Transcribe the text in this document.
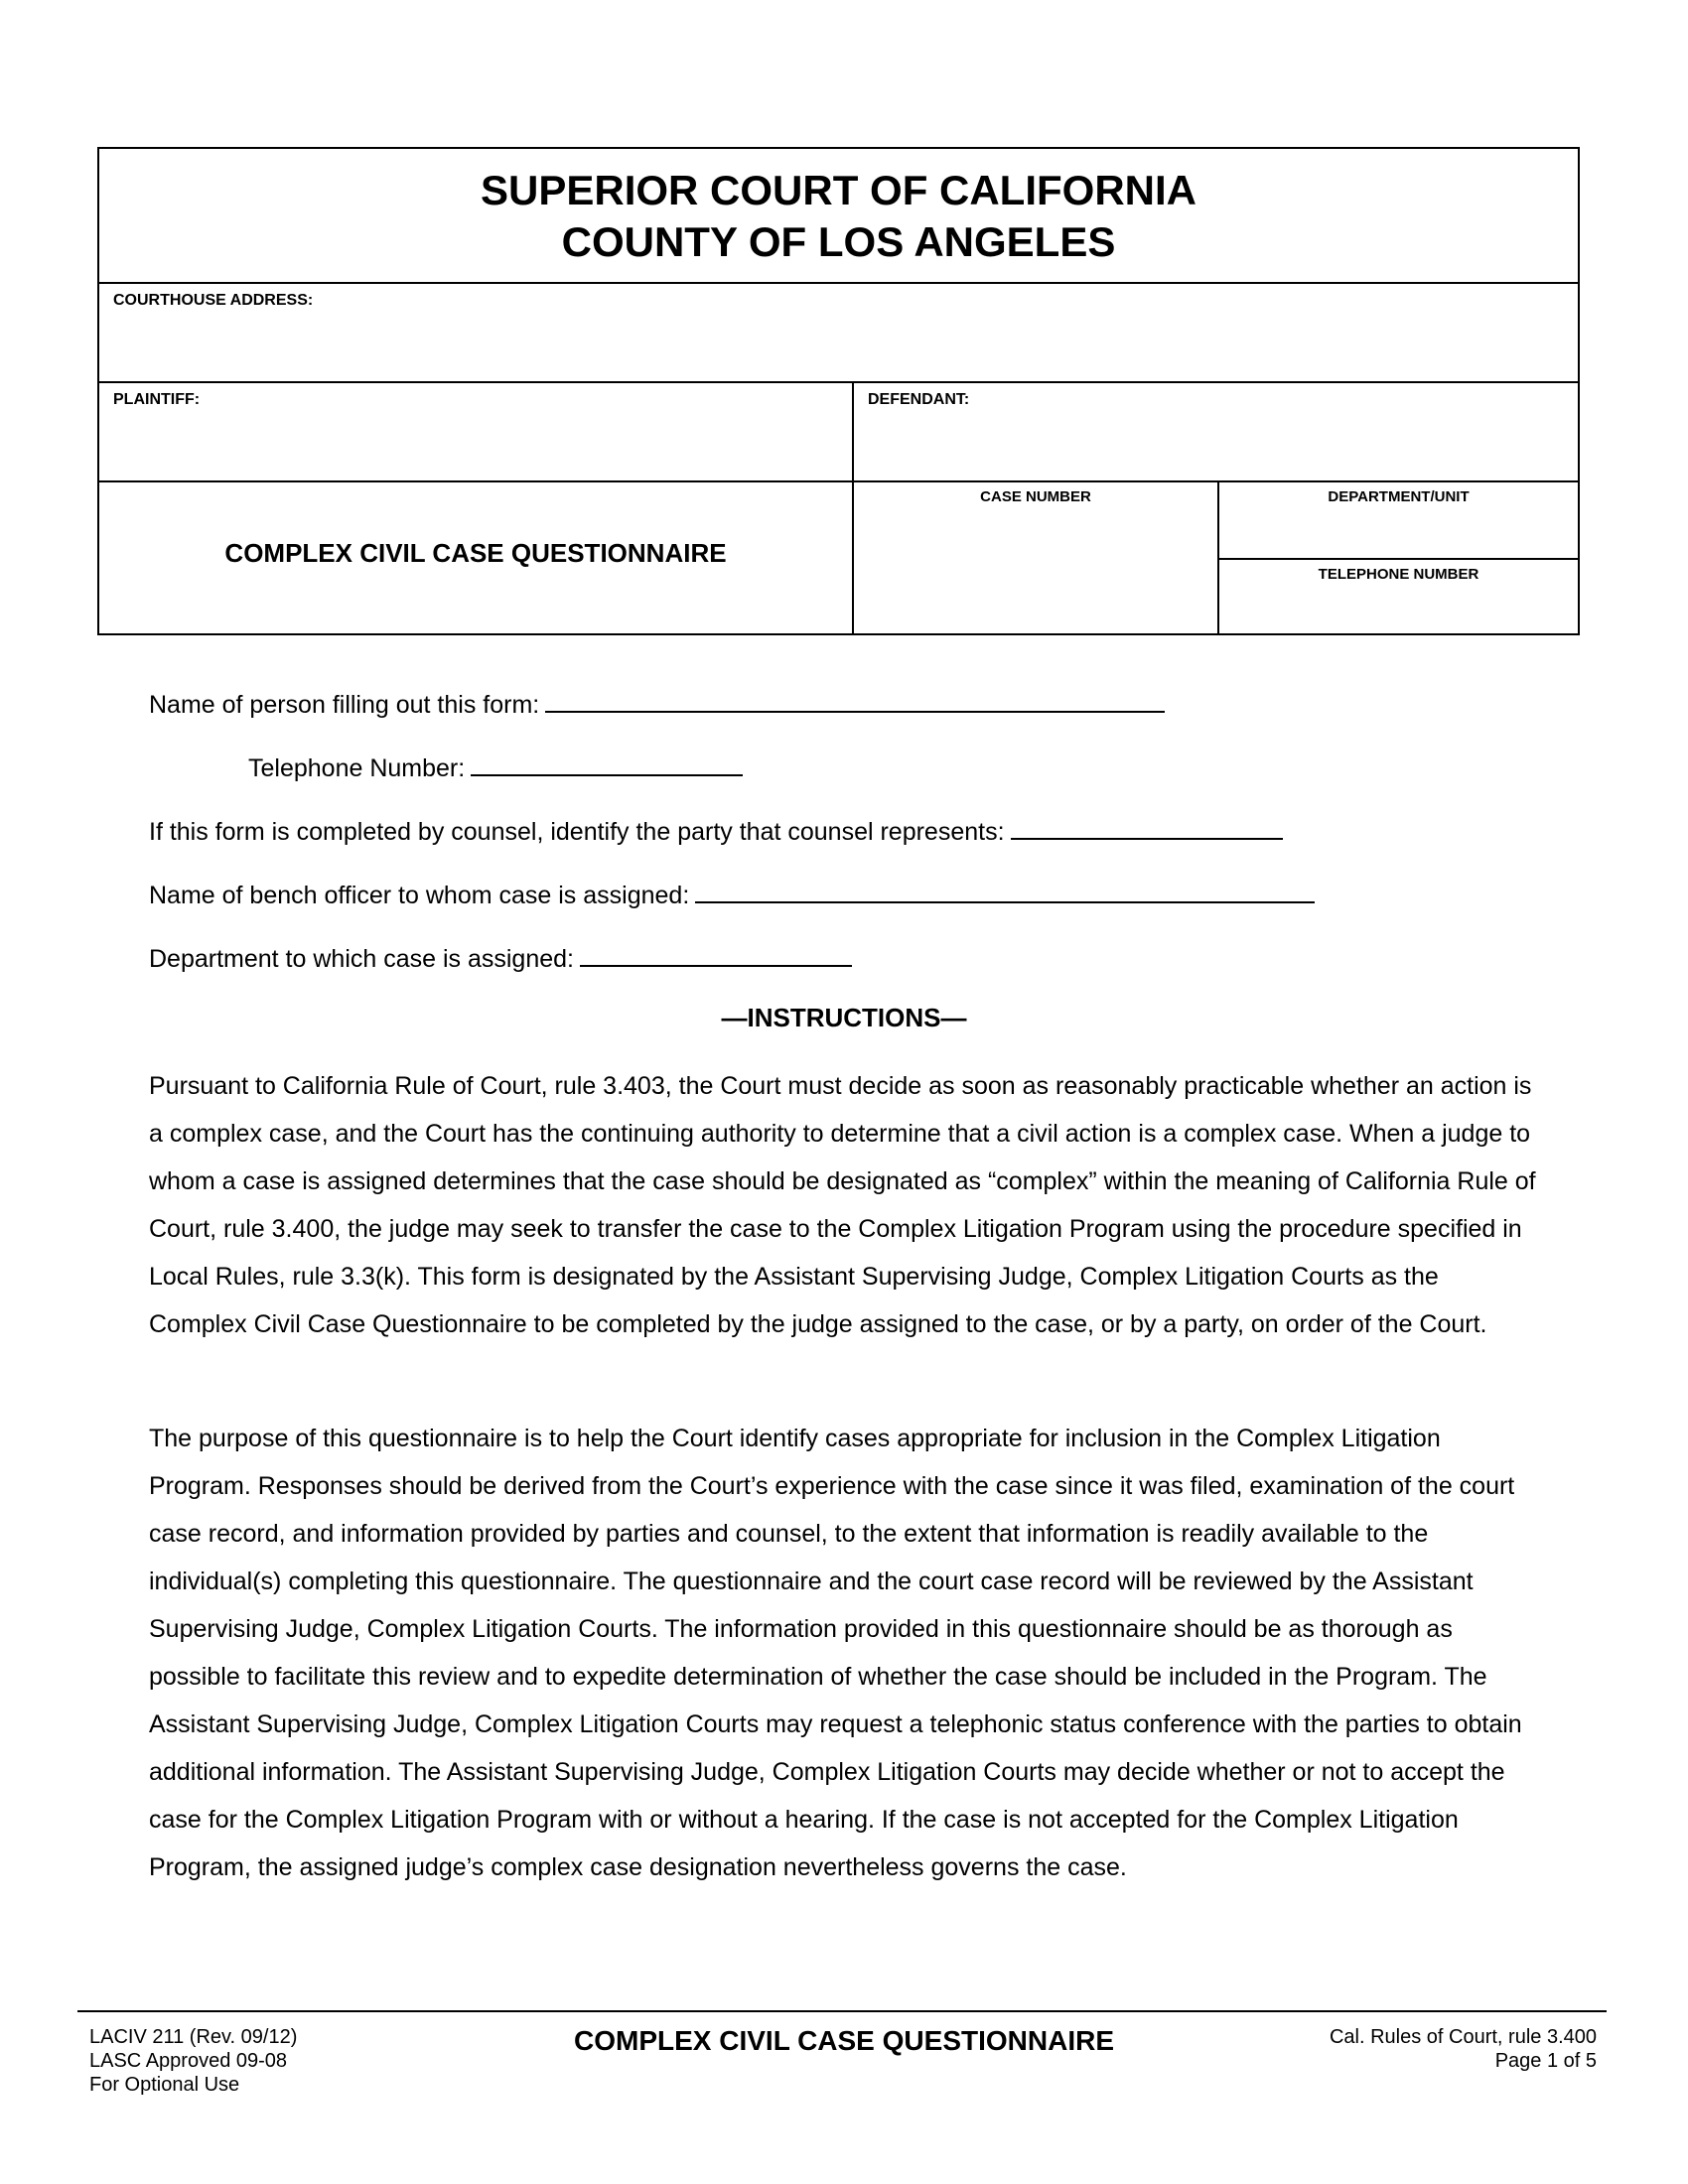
SUPERIOR COURT OF CALIFORNIA
COUNTY OF LOS ANGELES
COURTHOUSE ADDRESS:
PLAINTIFF:	DEFENDANT:
COMPLEX CIVIL CASE QUESTIONNAIRE
CASE NUMBER	DEPARTMENT/UNIT
TELEPHONE NUMBER
Name of person filling out this form:
Telephone Number:
If this form is completed by counsel, identify the party that counsel represents:
Name of bench officer to whom case is assigned:
Department to which case is assigned:
—INSTRUCTIONS—
Pursuant to California Rule of Court, rule 3.403, the Court must decide as soon as reasonably practicable whether an action is a complex case, and the Court has the continuing authority to determine that a civil action is a complex case. When a judge to whom a case is assigned determines that the case should be designated as “complex” within the meaning of California Rule of Court, rule 3.400, the judge may seek to transfer the case to the Complex Litigation Program using the procedure specified in Local Rules, rule 3.3(k). This form is designated by the Assistant Supervising Judge, Complex Litigation Courts as the Complex Civil Case Questionnaire to be completed by the judge assigned to the case, or by a party, on order of the Court.
The purpose of this questionnaire is to help the Court identify cases appropriate for inclusion in the Complex Litigation Program. Responses should be derived from the Court’s experience with the case since it was filed, examination of the court case record, and information provided by parties and counsel, to the extent that information is readily available to the individual(s) completing this questionnaire. The questionnaire and the court case record will be reviewed by the Assistant Supervising Judge, Complex Litigation Courts. The information provided in this questionnaire should be as thorough as possible to facilitate this review and to expedite determination of whether the case should be included in the Program. The Assistant Supervising Judge, Complex Litigation Courts may request a telephonic status conference with the parties to obtain additional information. The Assistant Supervising Judge, Complex Litigation Courts may decide whether or not to accept the case for the Complex Litigation Program with or without a hearing. If the case is not accepted for the Complex Litigation Program, the assigned judge’s complex case designation nevertheless governs the case.
LACIV 211 (Rev. 09/12)
LASC Approved 09-08
For Optional Use
COMPLEX CIVIL CASE QUESTIONNAIRE	Cal. Rules of Court, rule 3.400
Page 1 of 5
